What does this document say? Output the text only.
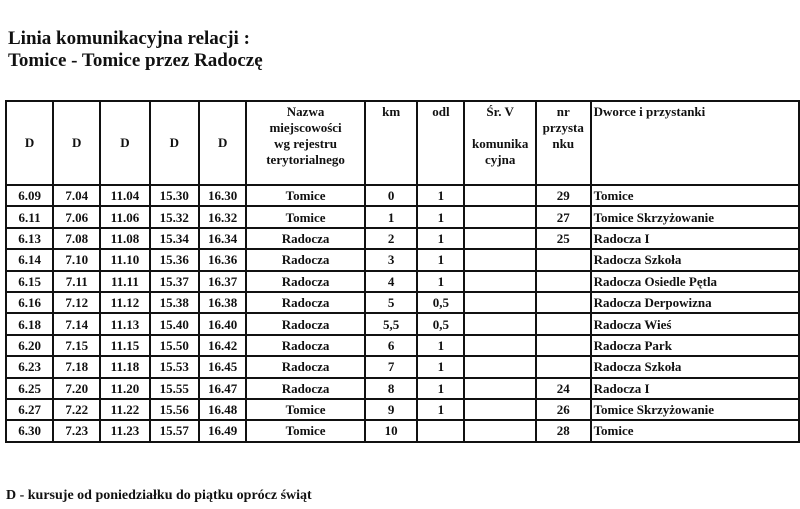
Linia komunikacyjna relacji :
Tomice - Tomice przez Radoczę
D	D	D	D	D	Nazwa
miejscowości
wg rejestru
terytorialnego	km	odl	Śr. V
komunika
cyjna	nr
przysta
nku	Dworce i przystanki
6.09	7.04	11.04	15.30	16.30	Tomice	0	1		29	Tomice
6.11	7.06	11.06	15.32	16.32	Tomice	1	1		27	Tomice Skrzyżowanie
6.13	7.08	11.08	15.34	16.34	Radocza	2	1		25	Radocza I
6.14	7.10	11.10	15.36	16.36	Radocza	3	1			Radocza Szkoła
6.15	7.11	11.11	15.37	16.37	Radocza	4	1			Radocza Osiedle Pętla
6.16	7.12	11.12	15.38	16.38	Radocza	5	0,5			Radocza Derpowizna
6.18	7.14	11.13	15.40	16.40	Radocza	5,5	0,5			Radocza Wieś
6.20	7.15	11.15	15.50	16.42	Radocza	6	1			Radocza Park
6.23	7.18	11.18	15.53	16.45	Radocza	7	1			Radocza Szkoła
6.25	7.20	11.20	15.55	16.47	Radocza	8	1		24	Radocza I
6.27	7.22	11.22	15.56	16.48	Tomice	9	1		26	Tomice Skrzyżowanie
6.30	7.23	11.23	15.57	16.49	Tomice	10			28	Tomice
D - kursuje od poniedziałku do piątku oprócz świąt
